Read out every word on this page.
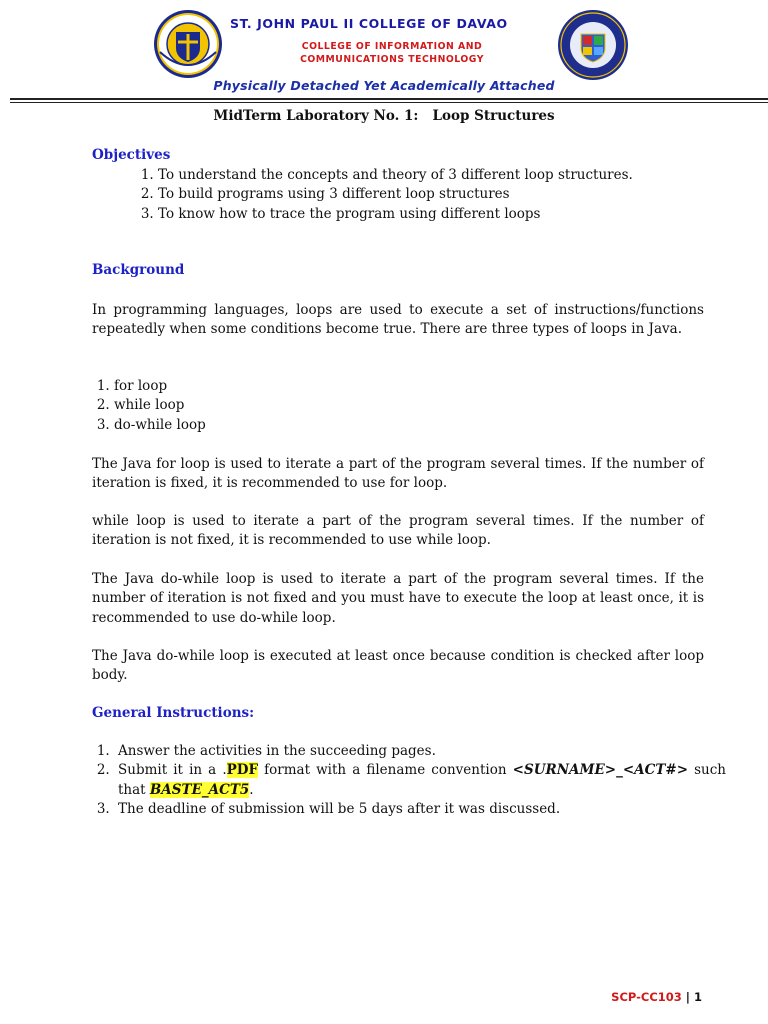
ST. JOHN PAUL II COLLEGE OF DAVAO
COLLEGE OF INFORMATION AND
COMMUNICATIONS TECHNOLOGY
Physically Detached Yet Academically Attached
MidTerm Laboratory No. 1:   Loop Structures
Objectives
1. To understand the concepts and theory of 3 different loop structures.
2. To build programs using 3 different loop structures
3. To know how to trace the program using different loops
Background
In programming languages, loops are used to execute a set of instructions/functions repeatedly when some conditions become true. There are three types of loops in Java.
1. for loop
2. while loop
3. do-while loop
The Java for loop is used to iterate a part of the program several times. If the number of iteration is fixed, it is recommended to use for loop.
while loop is used to iterate a part of the program several times. If the number of iteration is not fixed, it is recommended to use while loop.
The Java do-while loop is used to iterate a part of the program several times. If the number of iteration is not fixed and you must have to execute the loop at least once, it is recommended to use do-while loop.
The Java do-while loop is executed at least once because condition is checked after loop body.
General Instructions:
1. Answer the activities in the succeeding pages.
2. Submit it in a .PDF format with a filename convention <SURNAME>_<ACT#> such that BASTE_ACT5.
3. The deadline of submission will be 5 days after it was discussed.
SCP-CC103 | 1
